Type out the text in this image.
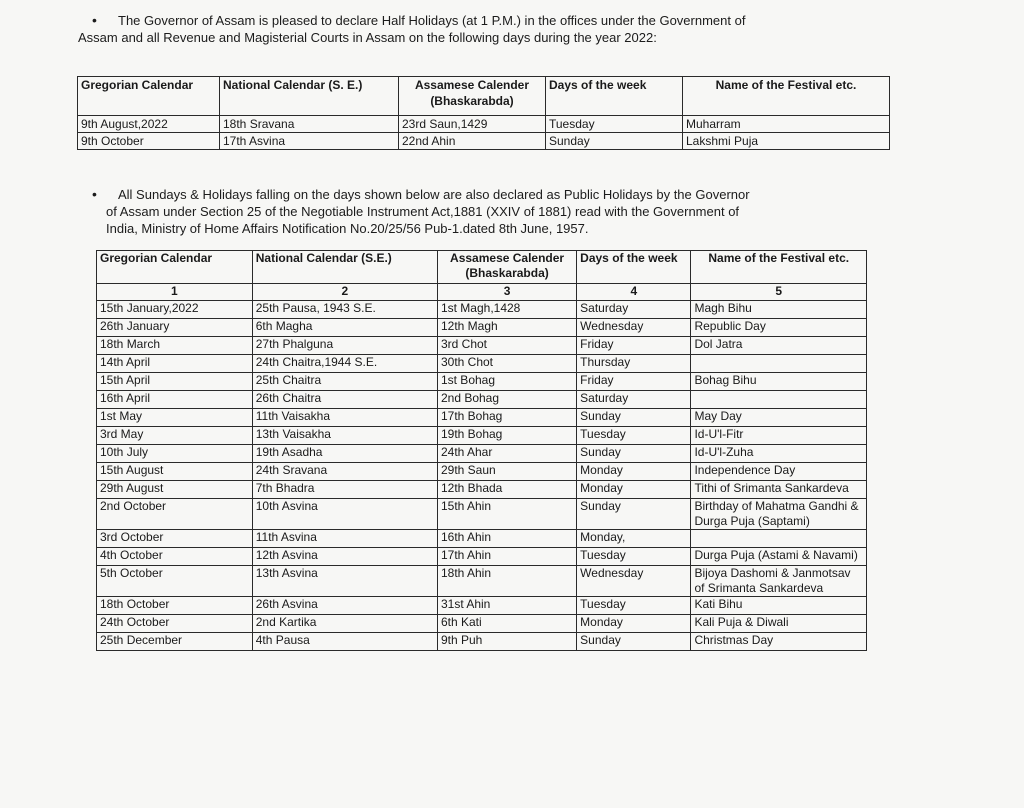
• The Governor of Assam is pleased to declare Half Holidays (at 1 P.M.) in the offices under the Government of
Assam and all Revenue and Magisterial Courts in Assam on the following days during the year 2022:
Gregorian Calendar	National Calendar (S. E.)	Assamese Calender (Bhaskarabda)	Days of the week	Name of the Festival etc.
9th August,2022	18th Sravana	23rd Saun,1429	Tuesday	Muharram
9th October	17th Asvina	22nd Ahin	Sunday	Lakshmi Puja
• All Sundays & Holidays falling on the days shown below are also declared as Public Holidays by the Governor
of Assam under Section 25 of the Negotiable Instrument Act,1881 (XXIV of 1881) read with the Government of
India, Ministry of Home Affairs Notification No.20/25/56 Pub-1.dated 8th June, 1957.
Gregorian Calendar	National Calendar (S.E.)	Assamese Calender (Bhaskarabda)	Days of the week	Name of the Festival etc.
1	2	3	4	5
15th January,2022	25th Pausa, 1943 S.E.	1st Magh,1428	Saturday	Magh Bihu
26th January	6th Magha	12th Magh	Wednesday	Republic Day
18th March	27th Phalguna	3rd Chot	Friday	Dol Jatra
14th April	24th Chaitra,1944 S.E.	30th Chot	Thursday	
15th April	25th Chaitra	1st Bohag	Friday	Bohag Bihu
16th April	26th Chaitra	2nd Bohag	Saturday	
1st May	11th Vaisakha	17th Bohag	Sunday	May Day
3rd May	13th Vaisakha	19th Bohag	Tuesday	Id-U'l-Fitr
10th July	19th Asadha	24th Ahar	Sunday	Id-U'l-Zuha
15th August	24th Sravana	29th Saun	Monday	Independence Day
29th August	7th Bhadra	12th Bhada	Monday	Tithi of Srimanta Sankardeva
2nd October	10th Asvina	15th Ahin	Sunday	Birthday of Mahatma Gandhi & Durga Puja (Saptami)
3rd October	11th Asvina	16th Ahin	Monday,	
4th October	12th Asvina	17th Ahin	Tuesday	Durga Puja (Astami & Navami)
5th October	13th Asvina	18th Ahin	Wednesday	Bijoya Dashomi & Janmotsav of Srimanta Sankardeva
18th October	26th Asvina	31st Ahin	Tuesday	Kati Bihu
24th October	2nd Kartika	6th Kati	Monday	Kali Puja & Diwali
25th December	4th Pausa	9th Puh	Sunday	Christmas Day
